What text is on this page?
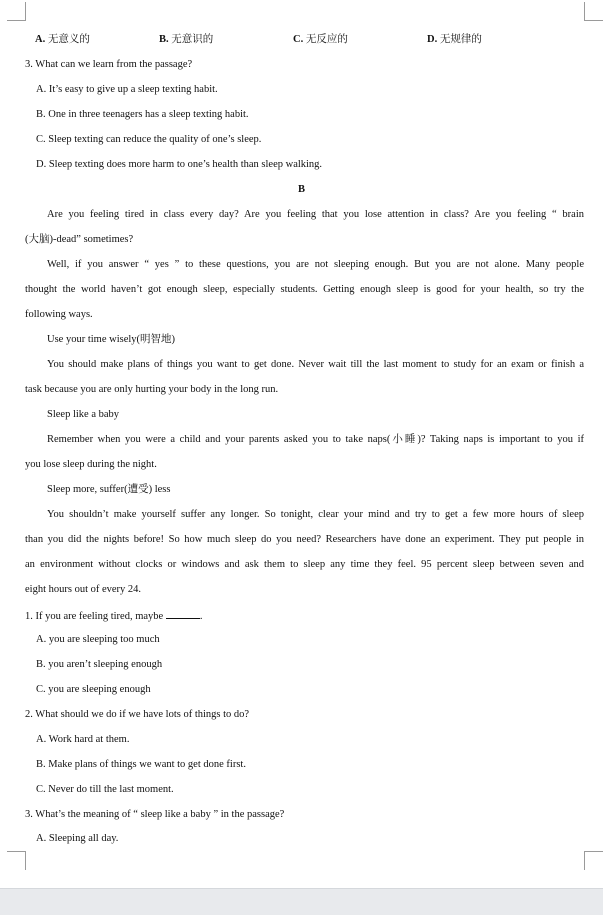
A. 无意义的	B. 无意识的	C. 无反应的	D. 无规律的
3. What can we learn from the passage?
A. It’s easy to give up a sleep texting habit.
B. One in three teenagers has a sleep texting habit.
C. Sleep texting can reduce the quality of one’s sleep.
D. Sleep texting does more harm to one’s health than sleep walking.
B
Are you feeling tired in class every day? Are you feeling that you lose attention in class? Are you feeling “ brain
(大脑)-dead” sometimes?
Well, if you answer “ yes ” to these questions, you are not sleeping enough. But you are not alone. Many people
thought the world haven’t got enough sleep, especially students. Getting enough sleep is good for your health, so try the
following ways.
Use your time wisely(明智地)
You should make plans of things you want to get done. Never wait till the last moment to study for an exam or finish a
task because you are only hurting your body in the long run.
Sleep like a baby
Remember when you were a child and your parents asked you to take naps(小睡)? Taking naps is important to you if
you lose sleep during the night.
Sleep more, suffer(遭受) less
You shouldn’t make yourself suffer any longer. So tonight, clear your mind and try to get a few more hours of sleep
than you did the nights before! So how much sleep do you need? Researchers have done an experiment. They put people in
an environment without clocks or windows and ask them to sleep any time they feel. 95 percent sleep between seven and
eight hours out of every 24.
1. If you are feeling tired, maybe	.
A. you are sleeping too much
B. you aren’t sleeping enough
C. you are sleeping enough
2. What should we do if we have lots of things to do?
A. Work hard at them.
B. Make plans of things we want to get done first.
C. Never do till the last moment.
3. What’s the meaning of “ sleep like a baby ” in the passage?
A. Sleeping all day.
